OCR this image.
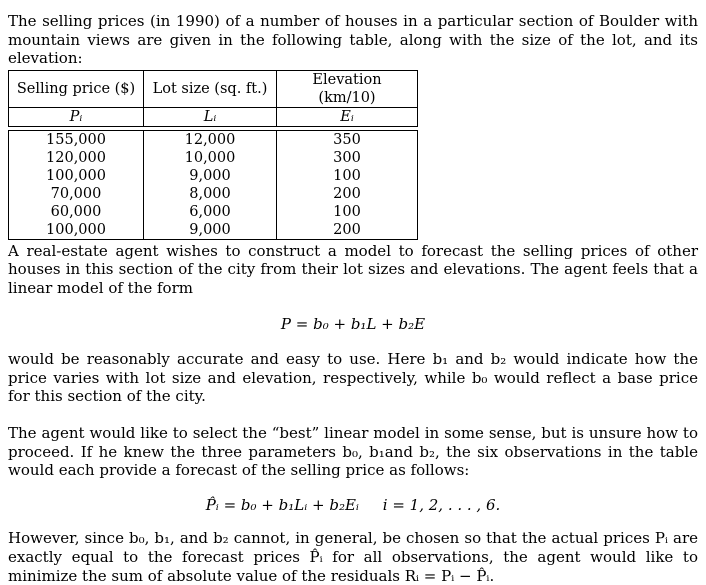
The selling prices (in 1990) of a number of houses in a particular section of Boulder with mountain views are given in the following table, along with the size of the lot, and its elevation:

Selling price ($)	Lot size (sq. ft.)	Elevation (km/10)
Pᵢ	Lᵢ	Eᵢ

155,000	12,000	350
120,000	10,000	300
100,000	9,000	100
70,000	8,000	200
60,000	6,000	100
100,000	9,000	200

A real-estate agent wishes to construct a model to forecast the selling prices of other houses in this section of the city from their lot sizes and elevations. The agent feels that a linear model of the form

P = b₀ + b₁L + b₂E

would be reasonably accurate and easy to use. Here b₁ and b₂ would indicate how the price varies with lot size and elevation, respectively, while b₀ would reflect a base price for this section of the city.

The agent would like to select the “best” linear model in some sense, but is unsure how to proceed. If he knew the three parameters b₀, b₁and b₂, the six observations in the table would each provide a forecast of the selling price as follows:

P̂ᵢ = b₀ + b₁Lᵢ + b₂Eᵢ     i = 1, 2, . . . , 6.

However, since b₀, b₁, and b₂ cannot, in general, be chosen so that the actual prices Pᵢ are exactly equal to the forecast prices P̂ᵢ for all observations, the agent would like to minimize the sum of absolute value of the residuals Rᵢ = Pᵢ − P̂ᵢ.
